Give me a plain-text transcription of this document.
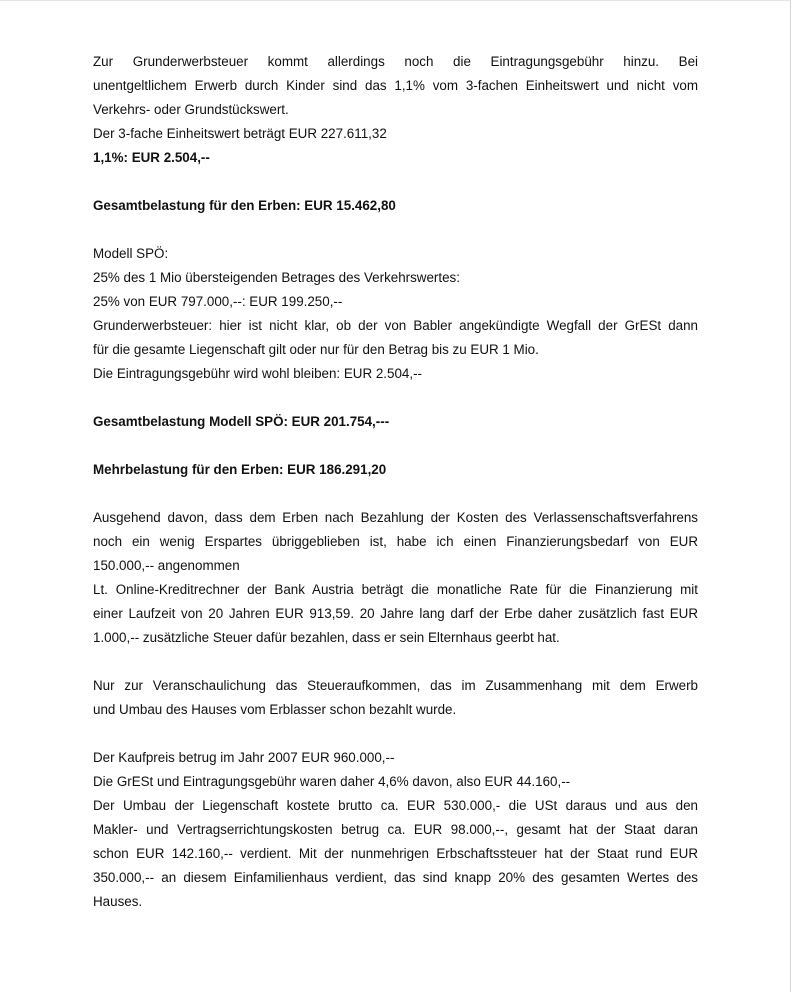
Zur Grunderwerbsteuer kommt allerdings noch die Eintragungsgebühr hinzu. Bei
unentgeltlichem Erwerb durch Kinder sind das 1,1% vom 3-fachen Einheitswert und nicht vom
Verkehrs- oder Grundstückswert.
Der 3-fache Einheitswert beträgt EUR 227.611,32
1,1%: EUR 2.504,--
Gesamtbelastung für den Erben: EUR 15.462,80
Modell SPÖ:
25% des 1 Mio übersteigenden Betrages des Verkehrswertes:
25% von EUR 797.000,--: EUR 199.250,--
Grunderwerbsteuer: hier ist nicht klar, ob der von Babler angekündigte Wegfall der GrESt dann
für die gesamte Liegenschaft gilt oder nur für den Betrag bis zu EUR 1 Mio.
Die Eintragungsgebühr wird wohl bleiben: EUR 2.504,--
Gesamtbelastung Modell SPÖ: EUR 201.754,---
Mehrbelastung für den Erben: EUR 186.291,20
Ausgehend davon, dass dem Erben nach Bezahlung der Kosten des Verlassenschaftsverfahrens
noch ein wenig Erspartes übriggeblieben ist, habe ich einen Finanzierungsbedarf von EUR
150.000,-- angenommen
Lt. Online-Kreditrechner der Bank Austria beträgt die monatliche Rate für die Finanzierung mit
einer Laufzeit von 20 Jahren EUR 913,59. 20 Jahre lang darf der Erbe daher zusätzlich fast EUR
1.000,-- zusätzliche Steuer dafür bezahlen, dass er sein Elternhaus geerbt hat.
Nur zur Veranschaulichung das Steueraufkommen, das im Zusammenhang mit dem Erwerb
und Umbau des Hauses vom Erblasser schon bezahlt wurde.
Der Kaufpreis betrug im Jahr 2007 EUR 960.000,--
Die GrESt und Eintragungsgebühr waren daher 4,6% davon, also EUR 44.160,--
Der Umbau der Liegenschaft kostete brutto ca. EUR 530.000,- die USt daraus und aus den
Makler- und Vertragserrichtungskosten betrug ca. EUR 98.000,--, gesamt hat der Staat daran
schon EUR 142.160,-- verdient. Mit der nunmehrigen Erbschaftssteuer hat der Staat rund EUR
350.000,-- an diesem Einfamilienhaus verdient, das sind knapp 20% des gesamten Wertes des
Hauses.
